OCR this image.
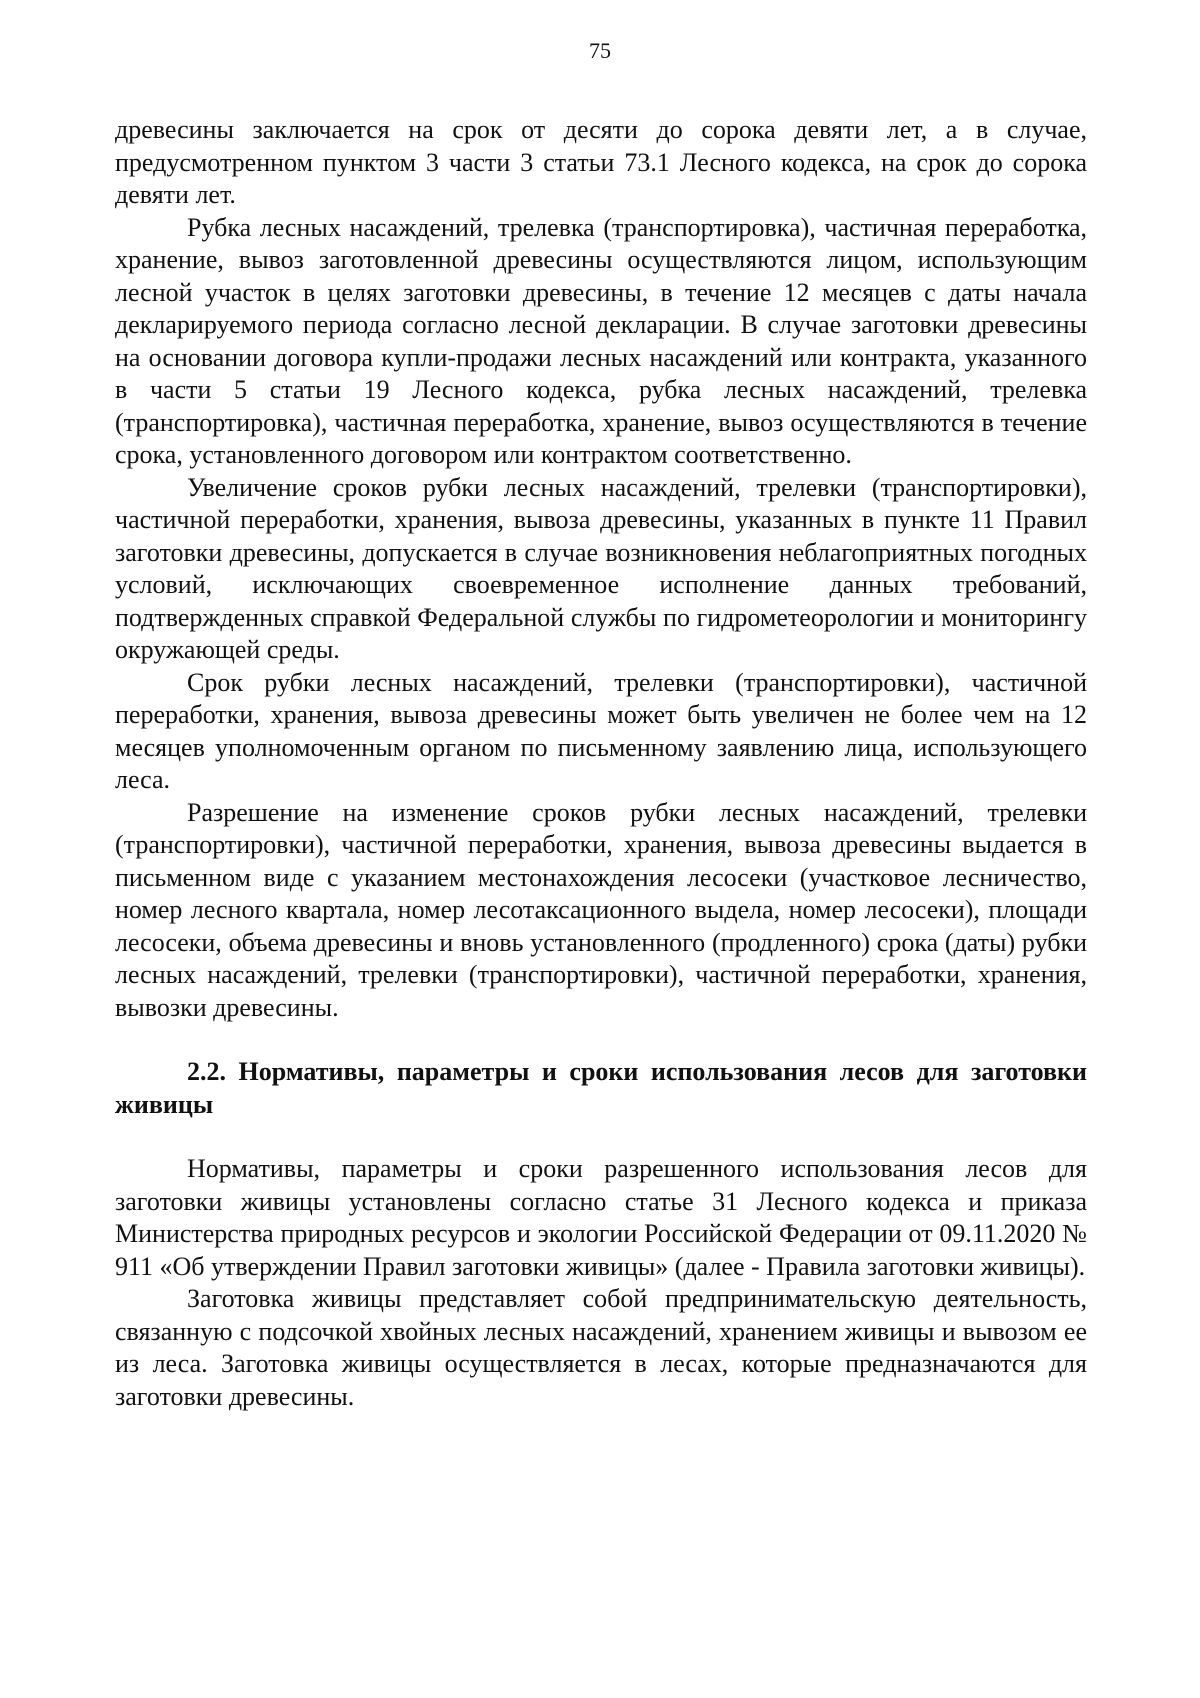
75

древесины заключается на срок от десяти до сорока девяти лет, а в случае, предусмотренном пунктом 3 части 3 статьи 73.1 Лесного кодекса, на срок до сорока девяти лет.

Рубка лесных насаждений, трелевка (транспортировка), частичная переработка, хранение, вывоз заготовленной древесины осуществляются лицом, использующим лесной участок в целях заготовки древесины, в течение 12 месяцев с даты начала декларируемого периода согласно лесной декларации. В случае заготовки древесины на основании договора купли-продажи лесных насаждений или контракта, указанного в части 5 статьи 19 Лесного кодекса, рубка лесных насаждений, трелевка (транспортировка), частичная переработка, хранение, вывоз осуществляются в течение срока, установленного договором или контрактом соответственно.

Увеличение сроков рубки лесных насаждений, трелевки (транспортировки), частичной переработки, хранения, вывоза древесины, указанных в пункте 11 Правил заготовки древесины, допускается в случае возникновения неблагоприятных погодных условий, исключающих своевременное исполнение данных требований, подтвержденных справкой Федеральной службы по гидрометеорологии и мониторингу окружающей среды.

Срок рубки лесных насаждений, трелевки (транспортировки), частичной переработки, хранения, вывоза древесины может быть увеличен не более чем на 12 месяцев уполномоченным органом по письменному заявлению лица, использующего леса.

Разрешение на изменение сроков рубки лесных насаждений, трелевки (транспортировки), частичной переработки, хранения, вывоза древесины выдается в письменном виде с указанием местонахождения лесосеки (участковое лесничество, номер лесного квартала, номер лесотаксационного выдела, номер лесосеки), площади лесосеки, объема древесины и вновь установленного (продленного) срока (даты) рубки лесных насаждений, трелевки (транспортировки), частичной переработки, хранения, вывозки древесины.

2.2. Нормативы, параметры и сроки использования лесов для заготовки живицы

Нормативы, параметры и сроки разрешенного использования лесов для заготовки живицы установлены согласно статье 31 Лесного кодекса и приказа Министерства природных ресурсов и экологии Российской Федерации от 09.11.2020 № 911 «Об утверждении Правил заготовки живицы» (далее - Правила заготовки живицы).

Заготовка живицы представляет собой предпринимательскую деятельность, связанную с подсочкой хвойных лесных насаждений, хранением живицы и вывозом ее из леса. Заготовка живицы осуществляется в лесах, которые предназначаются для заготовки древесины.
